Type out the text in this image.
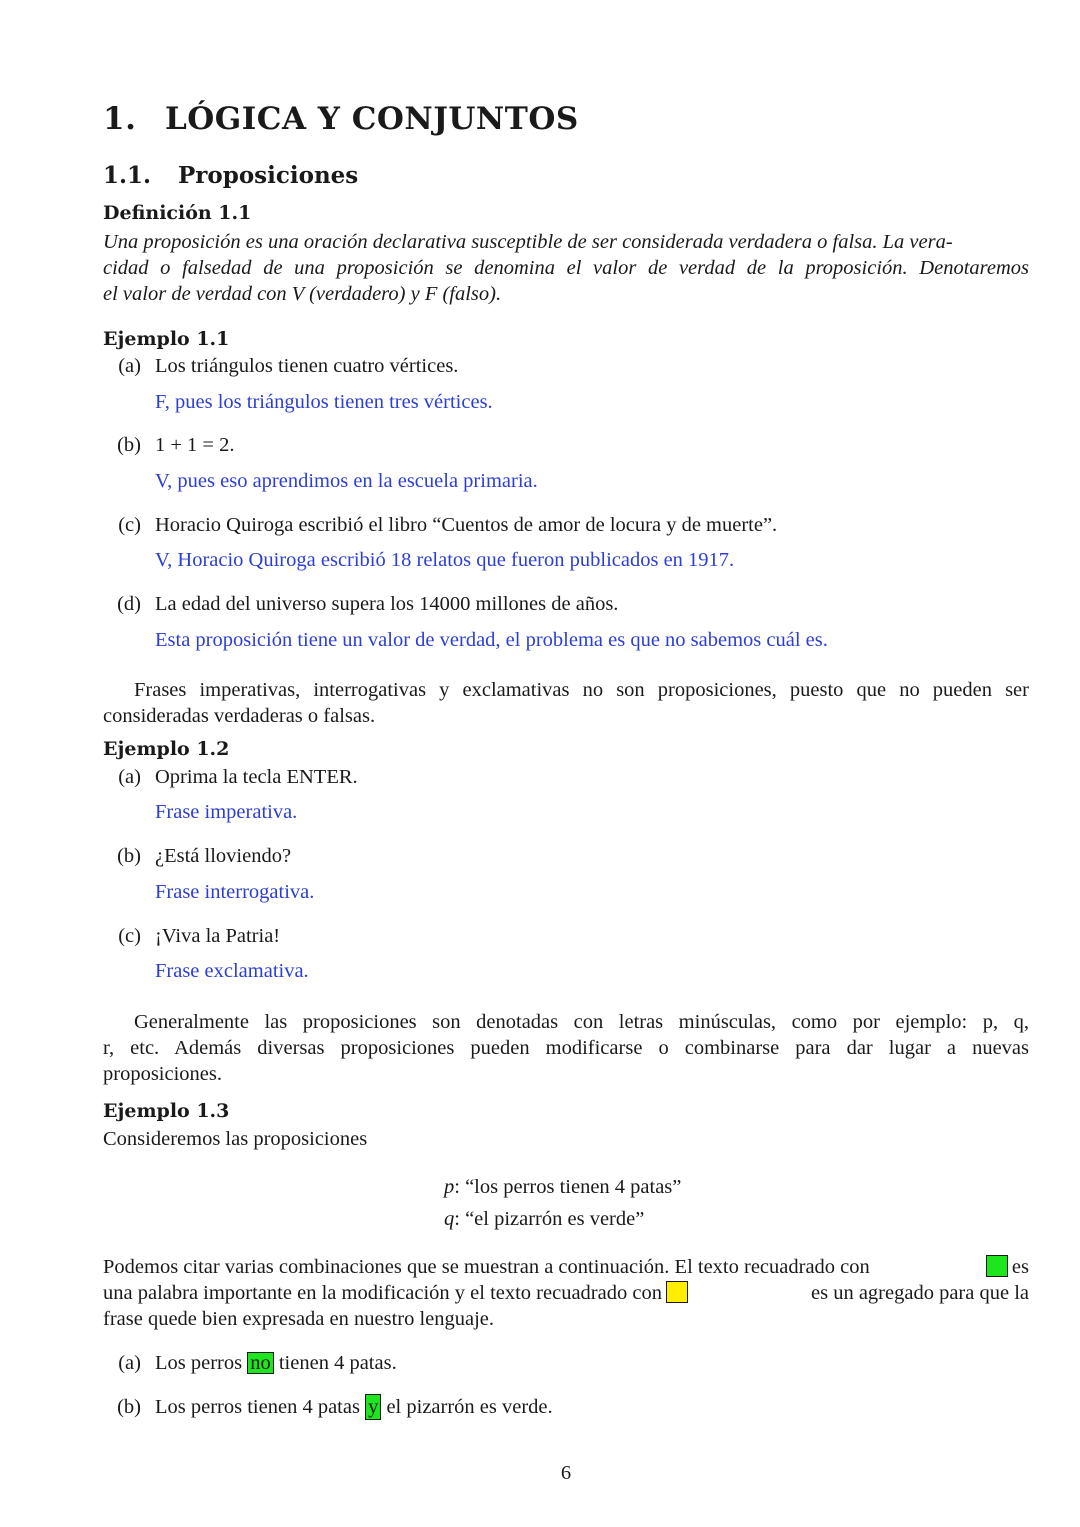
1. LÓGICA Y CONJUNTOS
1.1. Proposiciones
Definición 1.1
Una proposición es una oración declarativa susceptible de ser considerada verdadera o falsa. La vera-
cidad o falsedad de una proposición se denomina el valor de verdad de la proposición. Denotaremos
el valor de verdad con V (verdadero) y F (falso).
Ejemplo 1.1
(a) Los triángulos tienen cuatro vértices.
F, pues los triángulos tienen tres vértices.
(b) 1 + 1 = 2.
V, pues eso aprendimos en la escuela primaria.
(c) Horacio Quiroga escribió el libro “Cuentos de amor de locura y de muerte”.
V, Horacio Quiroga escribió 18 relatos que fueron publicados en 1917.
(d) La edad del universo supera los 14000 millones de años.
Esta proposición tiene un valor de verdad, el problema es que no sabemos cuál es.
Frases imperativas, interrogativas y exclamativas no son proposiciones, puesto que no pueden ser
consideradas verdaderas o falsas.
Ejemplo 1.2
(a) Oprima la tecla ENTER.
Frase imperativa.
(b) ¿Está lloviendo?
Frase interrogativa.
(c) ¡Viva la Patria!
Frase exclamativa.
Generalmente las proposiciones son denotadas con letras minúsculas, como por ejemplo: p, q,
r, etc. Además diversas proposiciones pueden modificarse o combinarse para dar lugar a nuevas
proposiciones.
Ejemplo 1.3
Consideremos las proposiciones
p: “los perros tienen 4 patas”
q: “el pizarrón es verde”
Podemos citar varias combinaciones que se muestran a continuación. El texto recuadrado con	es
una palabra importante en la modificación y el texto recuadrado con	es un agregado para que la
frase quede bien expresada en nuestro lenguaje.
(a) Los perros no tienen 4 patas.
(b) Los perros tienen 4 patas y el pizarrón es verde.
6
